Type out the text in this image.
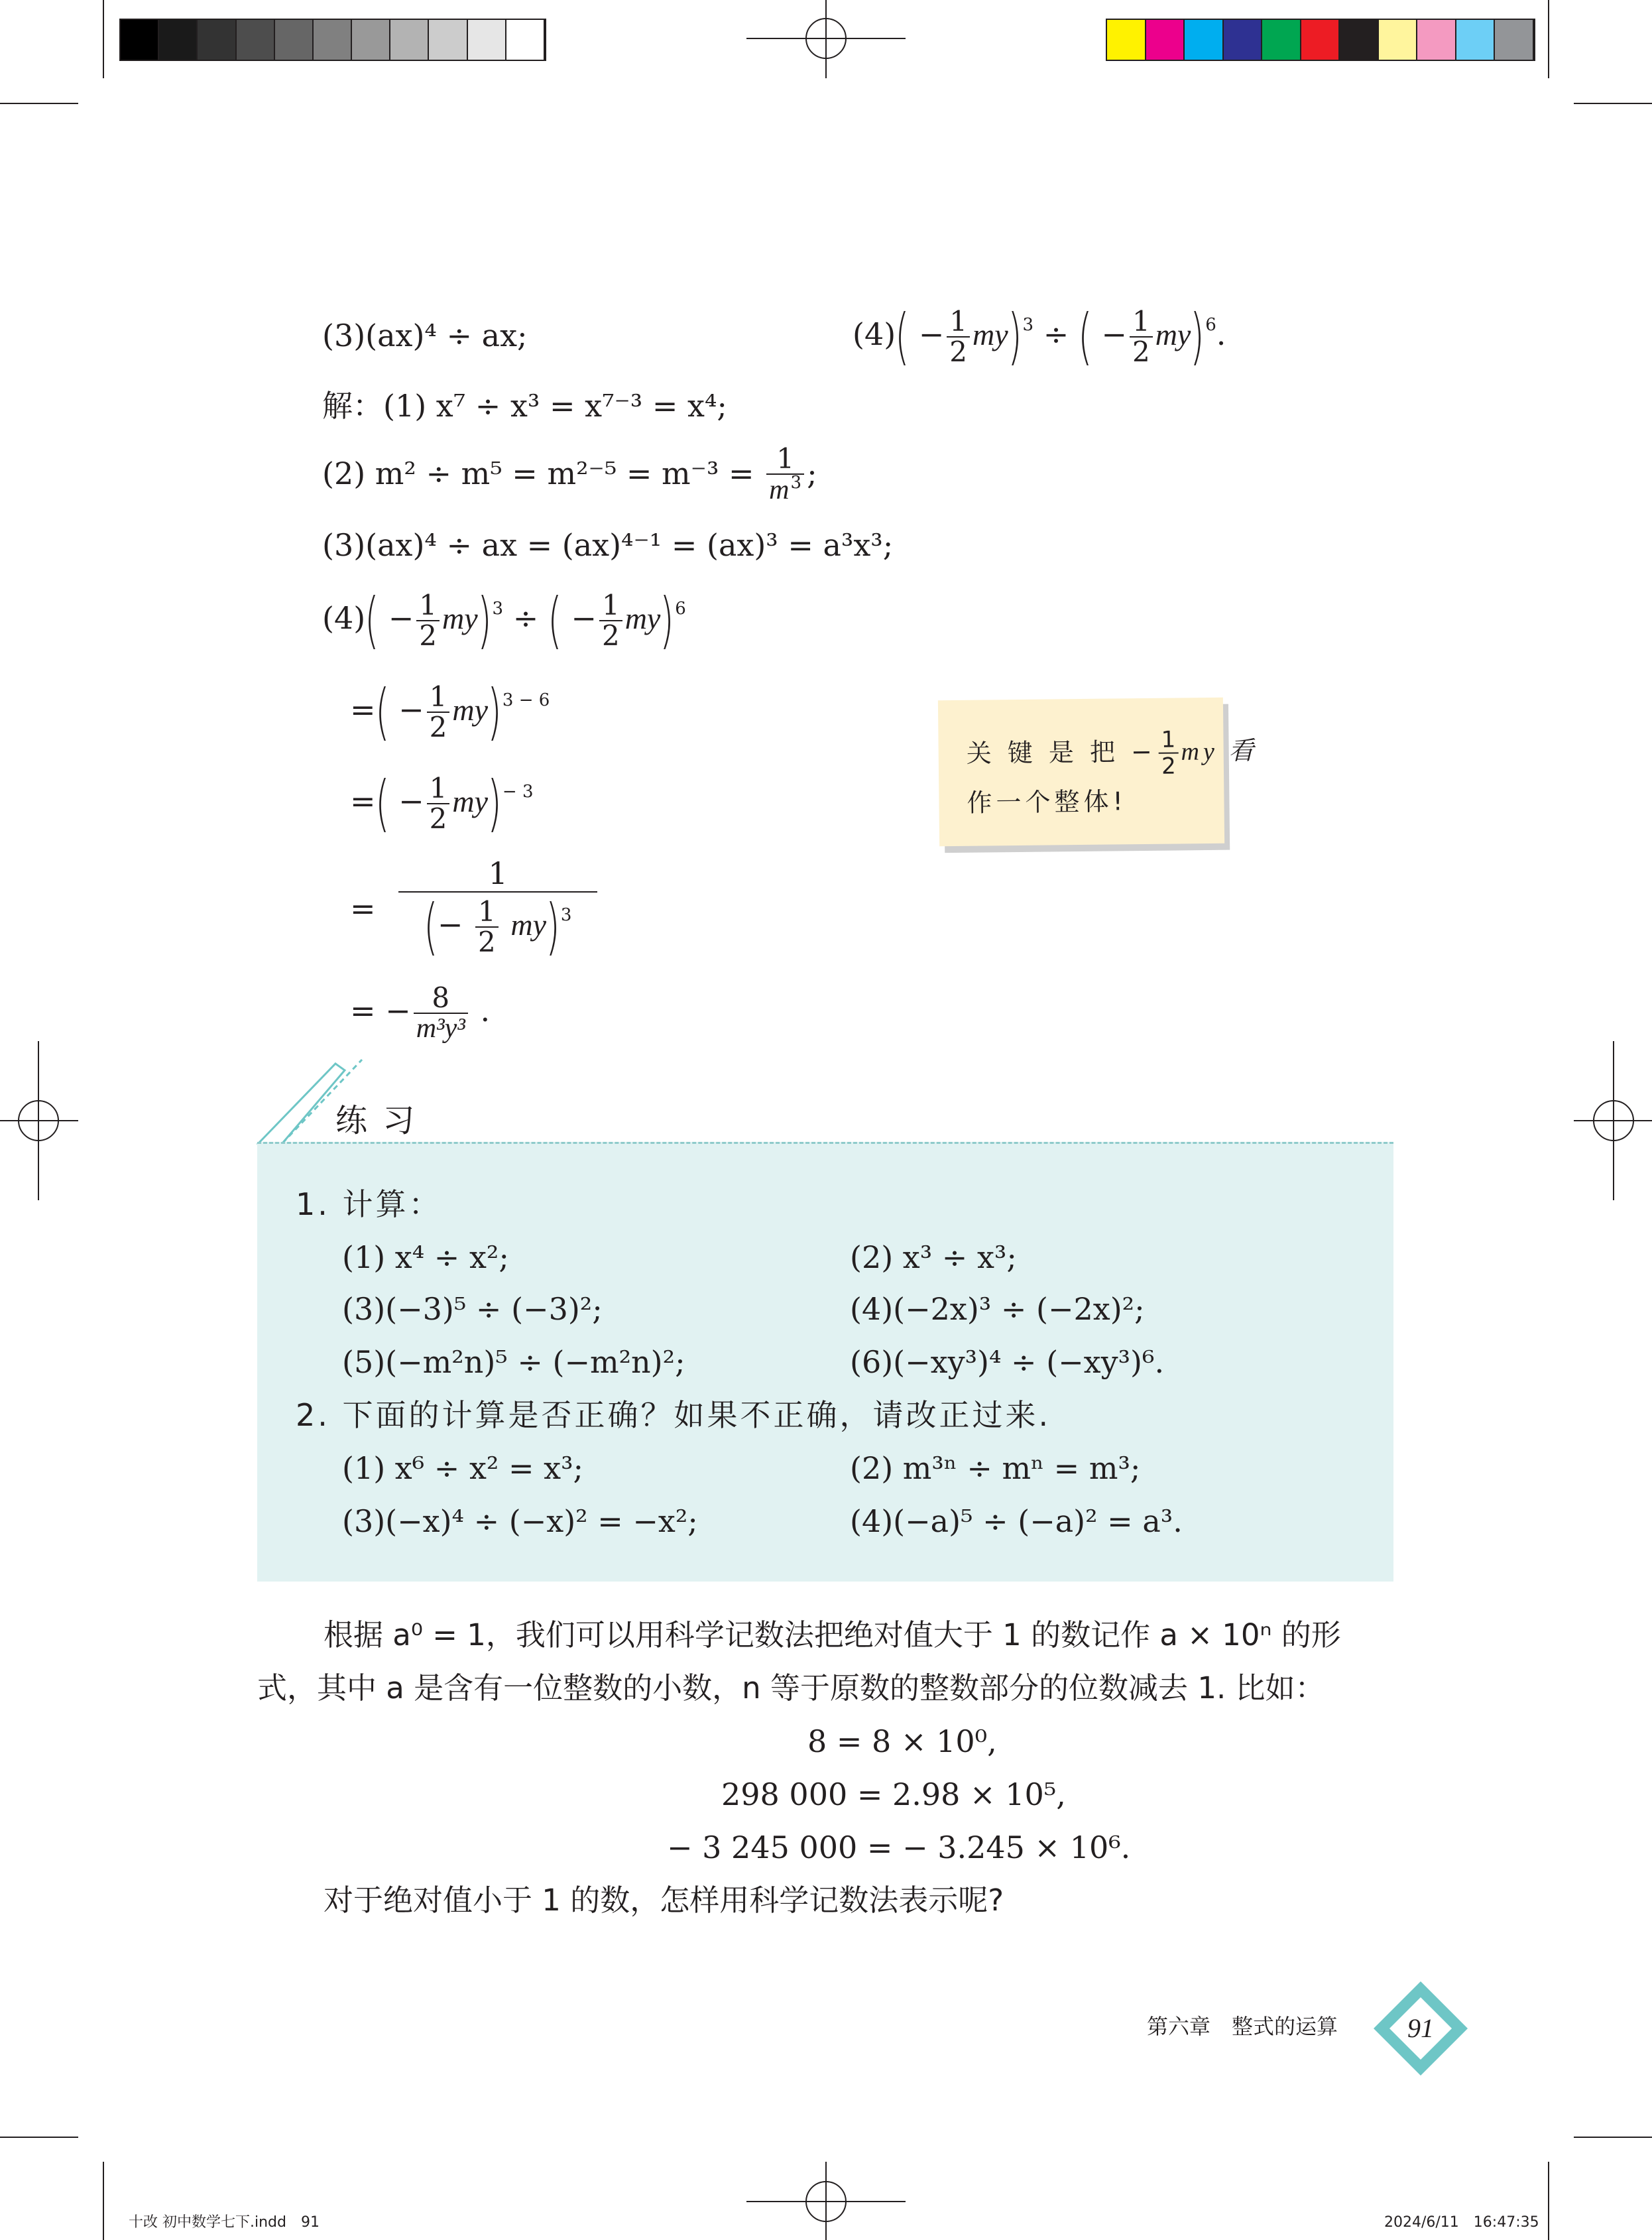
(3)(ax)⁴ ÷ ax;	$(4)( - \frac{1}{2} my)^3$ ÷ ( − $\frac{1}{2} my)^6$.
解：(1) x⁷ ÷ x³ = x⁷⁻³ = x⁴;
(2) $m^2 \div m^5 = m^{2-5} = m^{-3} = \frac{1}{m^3}$ ;
(3)(ax)⁴ ÷ ax = (ax)⁴⁻¹ = (ax)³ = a³x³;
$(4)( - \frac{1}{2} my)^3$ ÷ ( − $\frac{1}{2} my)^6$
=( − $\frac{1}{2} my)^{3 - 6}$
=( − $\frac{1}{2} my)^{- 3}$
= $\frac{1}{(- \frac{1}{2} my)^3}$
= − $\frac{8}{\text{m³y³}}$ .
关 键 是 把 − $\frac{1}{2}$ my 看
作一个整体!
练 习
1. 计算：
(1) x⁴ ÷ x²;	(2) x³ ÷ x³;
(3)(−3)⁵ ÷ (−3)²;	(4)(−2x)³ ÷ (−2x)²;
(5)(−m²n)⁵ ÷ (−m²n)²;	(6)(−xy³)⁴ ÷ (−xy³)⁶.
2. 下面的计算是否正确？如果不正确，请改正过来.
(1) x⁶ ÷ x² = x³;	(2) m³ⁿ ÷ mⁿ = m³;
(3)(−x)⁴ ÷ (−x)² = −x²;	(4)(−a)⁵ ÷ (−a)² = a³.
根据 a⁰ = 1，我们可以用科学记数法把绝对值大于 1 的数记作 a × 10ⁿ 的形
式，其中 a 是含有一位整数的小数，n 等于原数的整数部分的位数减去 1. 比如：
8 = 8 × 10⁰,
298 000 = 2.98 × 10⁵,
− 3 245 000 = − 3.245 × 10⁶.
对于绝对值小于 1 的数，怎样用科学记数法表示呢?
第六章　整式的运算	91
十改 初中数学七下.indd　91	2024/6/11　16:47:35
